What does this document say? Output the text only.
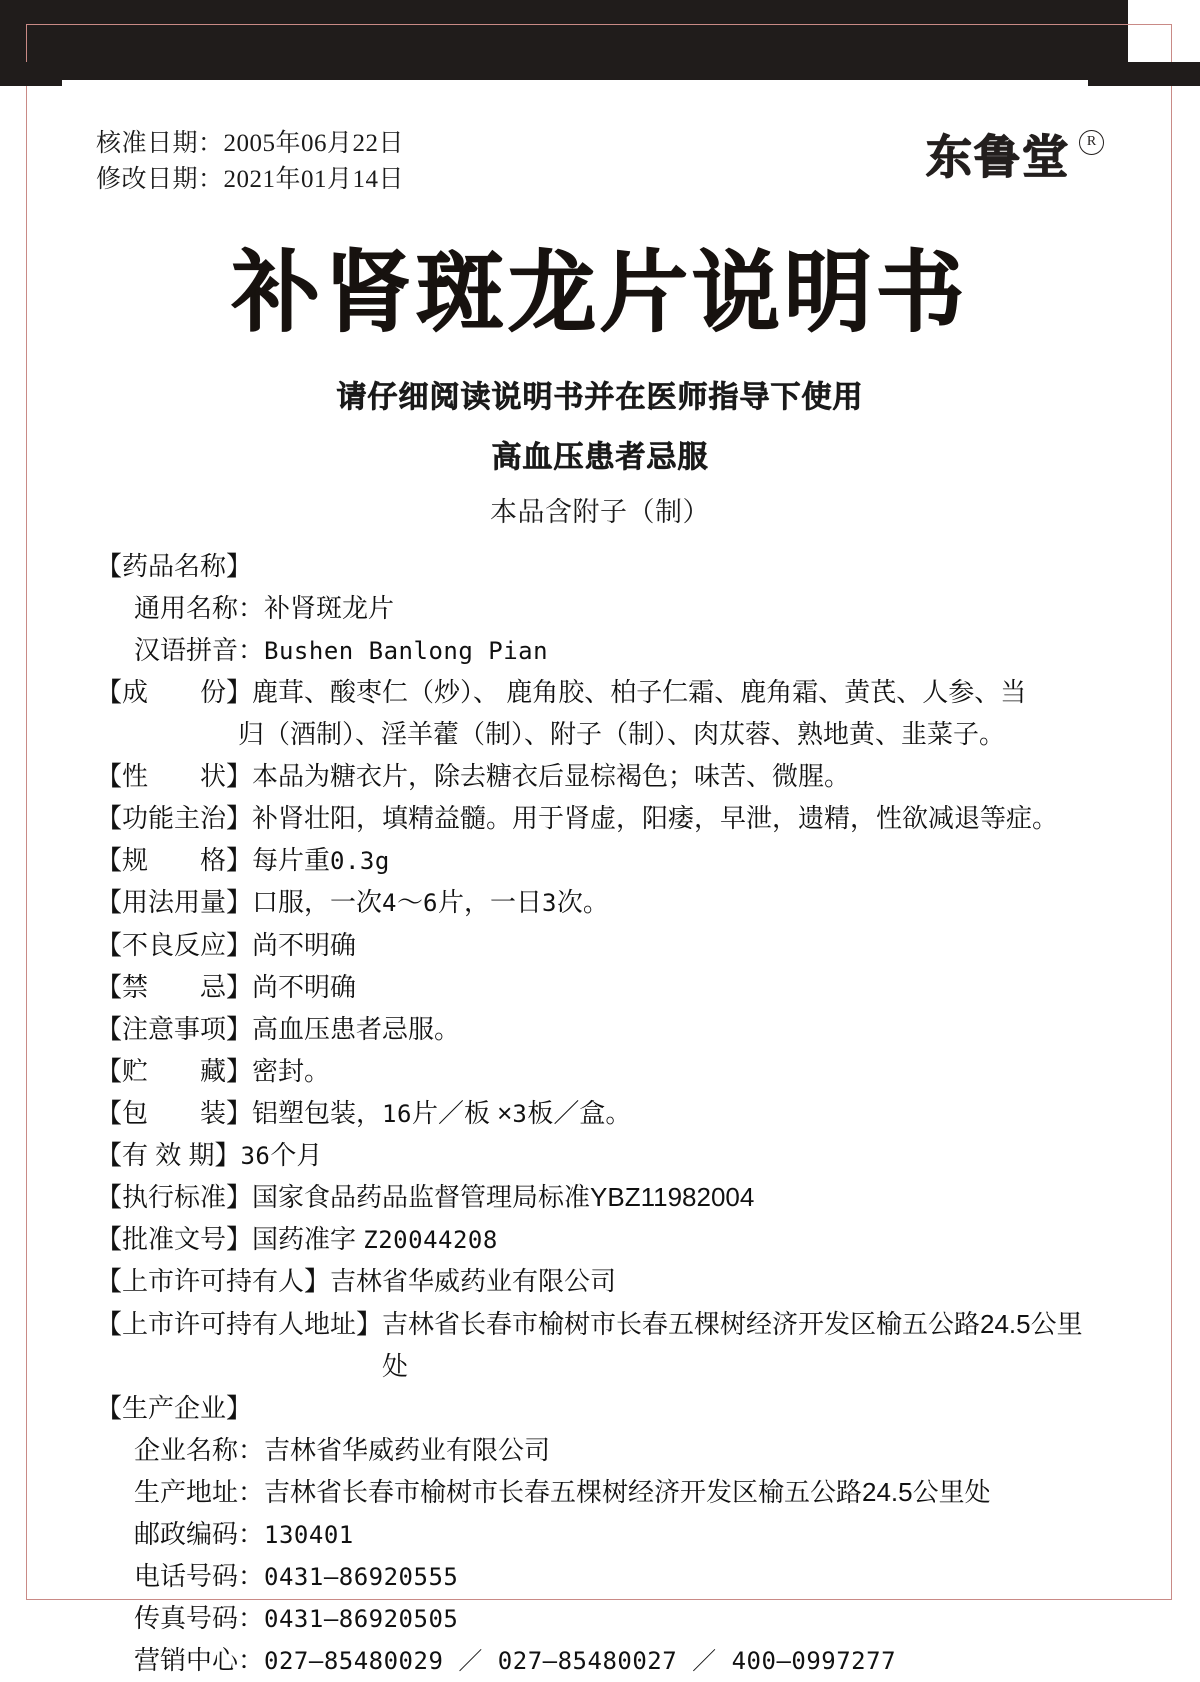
核准日期：2005年06月22日
修改日期：2021年01月14日	东鲁堂	R
补肾斑龙片说明书
请仔细阅读说明书并在医师指导下使用
高血压患者忌服
本品含附子（制）
【药品名称】
通用名称： 补肾斑龙片
汉语拼音： Bushen Banlong Pian
【成　　份】 鹿茸、酸枣仁（炒）、 鹿角胶、柏子仁霜、鹿角霜、黄芪、人参、当
归（酒制）、淫羊藿（制）、附子（制）、肉苁蓉、熟地黄、韭菜子。
【性　　状】 本品为糖衣片，除去糖衣后显棕褐色；味苦、微腥。
【功能主治】 补肾壮阳，填精益髓。用于肾虚，阳痿，早泄，遗精，性欲减退等症。
【规　　格】 每片重 0.3g
【用法用量】 口服，一次 4 ～ 6 片，一日 3 次。
【不良反应】 尚不明确
【禁　　忌】 尚不明确
【注意事项】 高血压患者忌服。
【贮　　藏】 密封。
【包　　装】 铝塑包装， 16 片／板 × 3 板／盒。
【有 效 期】 36 个月
【执行标准】 国家食品药品监督管理局标准 YBZ11982004
【批准文号】 国药准字
Z20044208
【上市许可持有人】 吉林省华威药业有限公司
【上市许可持有人地址】 吉林省长春市榆树市长春五棵树经济开发区榆五公路24.5公里处
【生产企业】
企业名称： 吉林省华威药业有限公司
生产地址： 吉林省长春市榆树市长春五棵树经济开发区榆五公路24.5公里处
邮政编码： 130401
电话号码： 0431—86920555
传真号码： 0431—86920505
营销中心： 027—85480029 ／ 027—85480027 ／ 400—0997277
